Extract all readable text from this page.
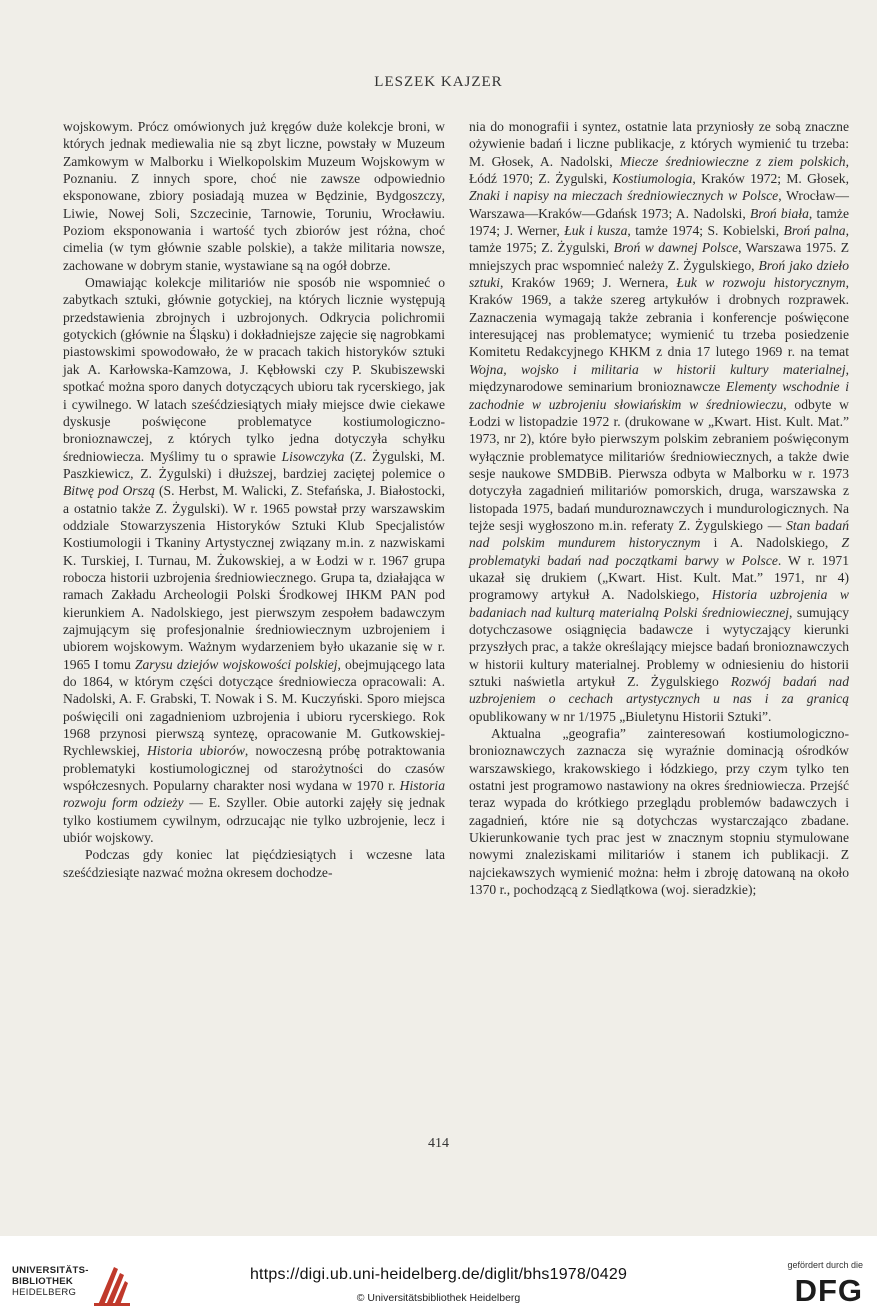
LESZEK KAJZER

wojskowym. Prócz omówionych już kręgów duże kolekcje broni, w których jednak mediewalia nie są zbyt liczne, powstały w Muzeum Zamkowym w Malborku i Wielkopolskim Muzeum Wojskowym w Poznaniu. Z innych spore, choć nie zawsze odpowiednio eksponowane, zbiory posiadają muzea w Będzinie, Bydgoszczy, Liwie, Nowej Soli, Szczecinie, Tarnowie, Toruniu, Wrocławiu. Poziom eksponowania i wartość tych zbiorów jest różna, choć cimelia (w tym głównie szable polskie), a także militaria nowsze, zachowane w dobrym stanie, wystawiane są na ogół dobrze.

Omawiając kolekcje militariów nie sposób nie wspomnieć o zabytkach sztuki, głównie gotyckiej, na których licznie występują przedstawienia zbrojnych i uzbrojonych. Odkrycia polichromii gotyckich (głównie na Śląsku) i dokładniejsze zajęcie się nagrobkami piastowskimi spowodowało, że w pracach takich historyków sztuki jak A. Karłowska-Kamzowa, J. Kębłowski czy P. Skubiszewski spotkać można sporo danych dotyczących ubioru tak rycerskiego, jak i cywilnego. W latach sześćdziesiątych miały miejsce dwie ciekawe dyskusje poświęcone problematyce kostiumologiczno-bronioznawczej, z których tylko jedna dotyczyła schyłku średniowiecza. Myślimy tu o sprawie Lisowczyka (Z. Żygulski, M. Paszkiewicz, Z. Żygulski) i dłuższej, bardziej zaciętej polemice o Bitwę pod Orszą (S. Herbst, M. Walicki, Z. Stefańska, J. Białostocki, a ostatnio także Z. Żygulski). W r. 1965 powstał przy warszawskim oddziale Stowarzyszenia Historyków Sztuki Klub Specjalistów Kostiumologii i Tkaniny Artystycznej związany m.in. z nazwiskami K. Turskiej, I. Turnau, M. Żukowskiej, a w Łodzi w r. 1967 grupa robocza historii uzbrojenia średniowiecznego. Grupa ta, działająca w ramach Zakładu Archeologii Polski Środkowej IHKM PAN pod kierunkiem A. Nadolskiego, jest pierwszym zespołem badawczym zajmującym się profesjonalnie średniowiecznym uzbrojeniem i ubiorem wojskowym. Ważnym wydarzeniem było ukazanie się w r. 1965 I tomu Zarysu dziejów wojskowości polskiej, obejmującego lata do 1864, w którym części dotyczące średniowiecza opracowali: A. Nadolski, A. F. Grabski, T. Nowak i S. M. Kuczyński. Sporo miejsca poświęcili oni zagadnieniom uzbrojenia i ubioru rycerskiego. Rok 1968 przynosi pierwszą syntezę, opracowanie M. Gutkowskiej-Rychlewskiej, Historia ubiorów, nowoczesną próbę potraktowania problematyki kostiumologicznej od starożytności do czasów współczesnych. Popularny charakter nosi wydana w 1970 r. Historia rozwoju form odzieży — E. Szyller. Obie autorki zajęły się jednak tylko kostiumem cywilnym, odrzucając nie tylko uzbrojenie, lecz i ubiór wojskowy.

Podczas gdy koniec lat pięćdziesiątych i wczesne lata sześćdziesiąte nazwać można okresem dochodze-

nia do monografii i syntez, ostatnie lata przyniosły ze sobą znaczne ożywienie badań i liczne publikacje, z których wymienić tu trzeba: M. Głosek, A. Nadolski, Miecze średniowieczne z ziem polskich, Łódź 1970; Z. Żygulski, Kostiumologia, Kraków 1972; M. Głosek, Znaki i napisy na mieczach średniowiecznych w Polsce, Wrocław—Warszawa—Kraków—Gdańsk 1973; A. Nadolski, Broń biała, tamże 1974; J. Werner, Łuk i kusza, tamże 1974; S. Kobielski, Broń palna, tamże 1975; Z. Żygulski, Broń w dawnej Polsce, Warszawa 1975. Z mniejszych prac wspomnieć należy Z. Żygulskiego, Broń jako dzieło sztuki, Kraków 1969; J. Wernera, Łuk w rozwoju historycznym, Kraków 1969, a także szereg artykułów i drobnych rozprawek. Zaznaczenia wymagają także zebrania i konferencje poświęcone interesującej nas problematyce; wymienić tu trzeba posiedzenie Komitetu Redakcyjnego KHKM z dnia 17 lutego 1969 r. na temat Wojna, wojsko i militaria w historii kultury materialnej, międzynarodowe seminarium bronioznawcze Elementy wschodnie i zachodnie w uzbrojeniu słowiańskim w średniowieczu, odbyte w Łodzi w listopadzie 1972 r. (drukowane w „Kwart. Hist. Kult. Mat.” 1973, nr 2), które było pierwszym polskim zebraniem poświęconym wyłącznie problematyce militariów średniowiecznych, a także dwie sesje naukowe SMDBiB. Pierwsza odbyta w Malborku w r. 1973 dotyczyła zagadnień militariów pomorskich, druga, warszawska z listopada 1975, badań munduroznawczych i mundurologicznych. Na tejże sesji wygłoszono m.in. referaty Z. Żygulskiego — Stan badań nad polskim mundurem historycznym i A. Nadolskiego, Z problematyki badań nad początkami barwy w Polsce. W r. 1971 ukazał się drukiem („Kwart. Hist. Kult. Mat.” 1971, nr 4) programowy artykuł A. Nadolskiego, Historia uzbrojenia w badaniach nad kulturą materialną Polski średniowiecznej, sumujący dotychczasowe osiągnięcia badawcze i wytyczający kierunki przyszłych prac, a także określający miejsce badań bronioznawczych w historii kultury materialnej. Problemy w odniesieniu do historii sztuki naświetla artykuł Z. Żygulskiego Rozwój badań nad uzbrojeniem o cechach artystycznych u nas i za granicą opublikowany w nr 1/1975 „Biuletynu Historii Sztuki”.

Aktualna „geografia” zainteresowań kostiumologiczno-bronioznawczych zaznacza się wyraźnie dominacją ośrodków warszawskiego, krakowskiego i łódzkiego, przy czym tylko ten ostatni jest programowo nastawiony na okres średniowiecza. Przejść teraz wypada do krótkiego przeglądu problemów badawczych i zagadnień, które nie są dotychczas wystarczająco zbadane. Ukierunkowanie tych prac jest w znacznym stopniu stymulowane nowymi znaleziskami militariów i stanem ich publikacji. Z najciekawszych wymienić można: hełm i zbroję datowaną na około 1370 r., pochodzącą z Siedlątkowa (woj. sieradzkie);

414
UNIVERSITÄTS-
BIBLIOTHEK
HEIDELBERG
https://digi.ub.uni-heidelberg.de/diglit/bhs1978/0429
© Universitätsbibliothek Heidelberg
gefördert durch die
DFG
